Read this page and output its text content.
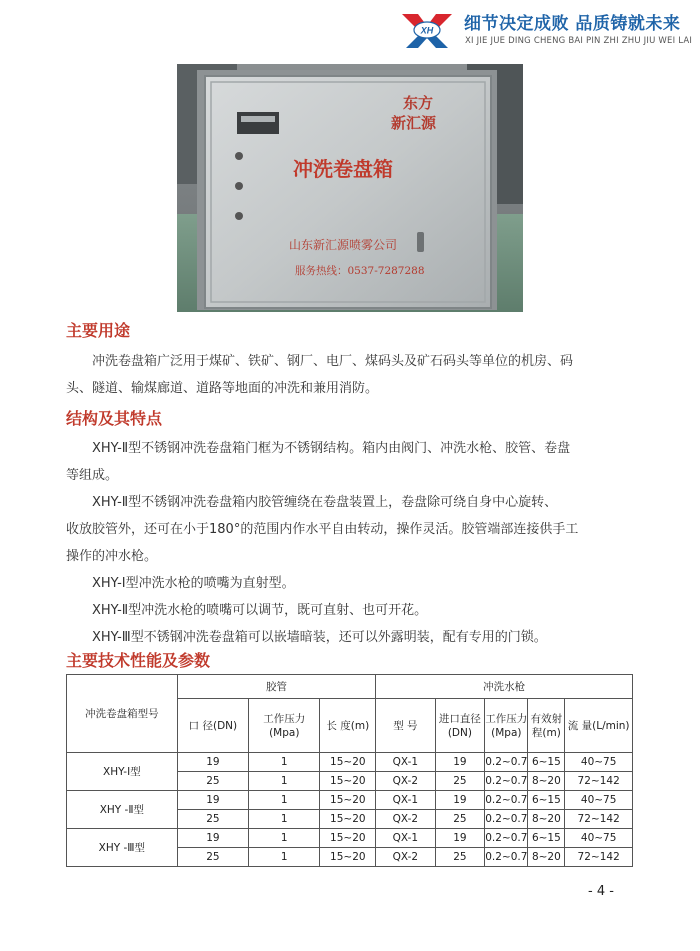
XH 细节决定成败 品质铸就未来
XI JIE JUE DING CHENG BAI PIN ZHI ZHU JIU WEI LAI
东方
新汇源
冲洗卷盘箱
山东新汇源喷雾公司
服务热线：0537-7287288
主要用途
冲洗卷盘箱广泛用于煤矿、铁矿、钢厂、电厂、煤码头及矿石码头等单位的机房、码
头、隧道、输煤廊道、道路等地面的冲洗和兼用消防。
结构及其特点
XHY-Ⅱ型不锈钢冲洗卷盘箱门框为不锈钢结构。箱内由阀门、冲洗水枪、胶管、卷盘
等组成。
XHY-Ⅱ型不锈钢冲洗卷盘箱内胶管缠绕在卷盘装置上，卷盘除可绕自身中心旋转、
收放胶管外，还可在小于180°的范围内作水平自由转动，操作灵活。胶管端部连接供手工
操作的冲水枪。
XHY-Ⅰ型冲洗水枪的喷嘴为直射型。
XHY-Ⅱ型冲洗水枪的喷嘴可以调节，既可直射、也可开花。
XHY-Ⅲ型不锈钢冲洗卷盘箱可以嵌墙暗装，还可以外露明装，配有专用的门锁。
主要技术性能及参数
冲洗卷盘箱型号	胶管			冲洗水枪				
	口 径(DN)	工作压力(Mpa)	长 度(m)	型 号	进口直径(DN)	工作压力(Mpa)	有效射程(m)	流 量(L/min)
XHY-Ⅰ型	19	1	15~20	QX-1	19	0.2~0.7	6~15	40~75
	25	1	15~20	QX-2	25	0.2~0.7	8~20	72~142
XHY -Ⅱ型	19	1	15~20	QX-1	19	0.2~0.7	6~15	40~75
	25	1	15~20	QX-2	25	0.2~0.7	8~20	72~142
XHY -Ⅲ型	19	1	15~20	QX-1	19	0.2~0.7	6~15	40~75
	25	1	15~20	QX-2	25	0.2~0.7	8~20	72~142
- 4 -
